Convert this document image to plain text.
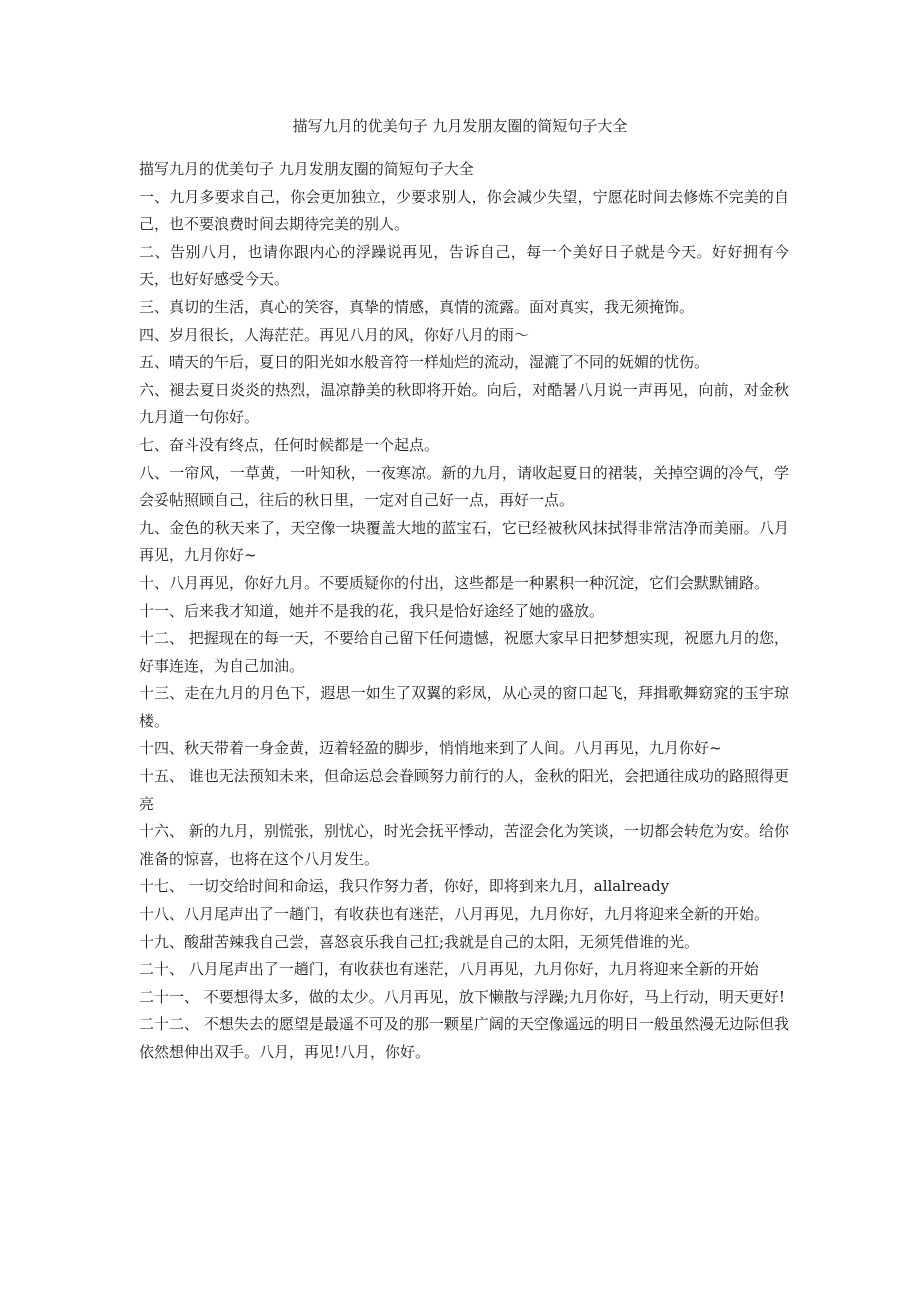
描写九月的优美句子 九月发朋友圈的简短句子大全

描写九月的优美句子 九月发朋友圈的简短句子大全

一、九月多要求自己，你会更加独立，少要求别人，你会减少失望，宁愿花时间去修炼不完美的自己，也不要浪费时间去期待完美的别人。

二、告别八月，也请你跟内心的浮躁说再见，告诉自己，每一个美好日子就是今天。好好拥有今天，也好好感受今天。

三、真切的生活，真心的笑容，真挚的情感，真情的流露。面对真实，我无须掩饰。

四、岁月很长，人海茫茫。再见八月的风，你好八月的雨～

五、晴天的午后，夏日的阳光如水般音符一样灿烂的流动，湿漉了不同的妩媚的忧伤。

六、褪去夏日炎炎的热烈，温凉静美的秋即将开始。向后，对酷暑八月说一声再见，向前，对金秋九月道一句你好。

七、奋斗没有终点，任何时候都是一个起点。

八、一帘风，一草黄，一叶知秋，一夜寒凉。新的九月，请收起夏日的裙装，关掉空调的冷气，学会妥帖照顾自己，往后的秋日里，一定对自己好一点，再好一点。

九、金色的秋天来了，天空像一块覆盖大地的蓝宝石，它已经被秋风抹拭得非常洁净而美丽。八月再见，九月你好~

十、八月再见，你好九月。不要质疑你的付出，这些都是一种累积一种沉淀，它们会默默铺路。

十一、后来我才知道，她并不是我的花，我只是恰好途经了她的盛放。

十二、 把握现在的每一天，不要给自己留下任何遗憾，祝愿大家早日把梦想实现，祝愿九月的您，好事连连，为自己加油。

十三、走在九月的月色下，遐思一如生了双翼的彩凤，从心灵的窗口起飞，拜揖歌舞窈窕的玉宇琼楼。

十四、秋天带着一身金黄，迈着轻盈的脚步，悄悄地来到了人间。八月再见，九月你好~

十五、 谁也无法预知未来，但命运总会眷顾努力前行的人，金秋的阳光，会把通往成功的路照得更亮

十六、 新的九月，别慌张，别忧心，时光会抚平悸动，苦涩会化为笑谈，一切都会转危为安。给你准备的惊喜，也将在这个八月发生。

十七、 一切交给时间和命运，我只作努力者，你好，即将到来九月，allalready

十八、八月尾声出了一趟门，有收获也有迷茫，八月再见，九月你好，九月将迎来全新的开始。

十九、酸甜苦辣我自己尝，喜怒哀乐我自己扛;我就是自己的太阳，无须凭借谁的光。

二十、 八月尾声出了一趟门，有收获也有迷茫，八月再见，九月你好，九月将迎来全新的开始

二十一、 不要想得太多，做的太少。八月再见，放下懒散与浮躁;九月你好，马上行动，明天更好!

二十二、 不想失去的愿望是最遥不可及的那一颗星广阔的天空像遥远的明日一般虽然漫无边际但我依然想伸出双手。八月，再见!八月，你好。
